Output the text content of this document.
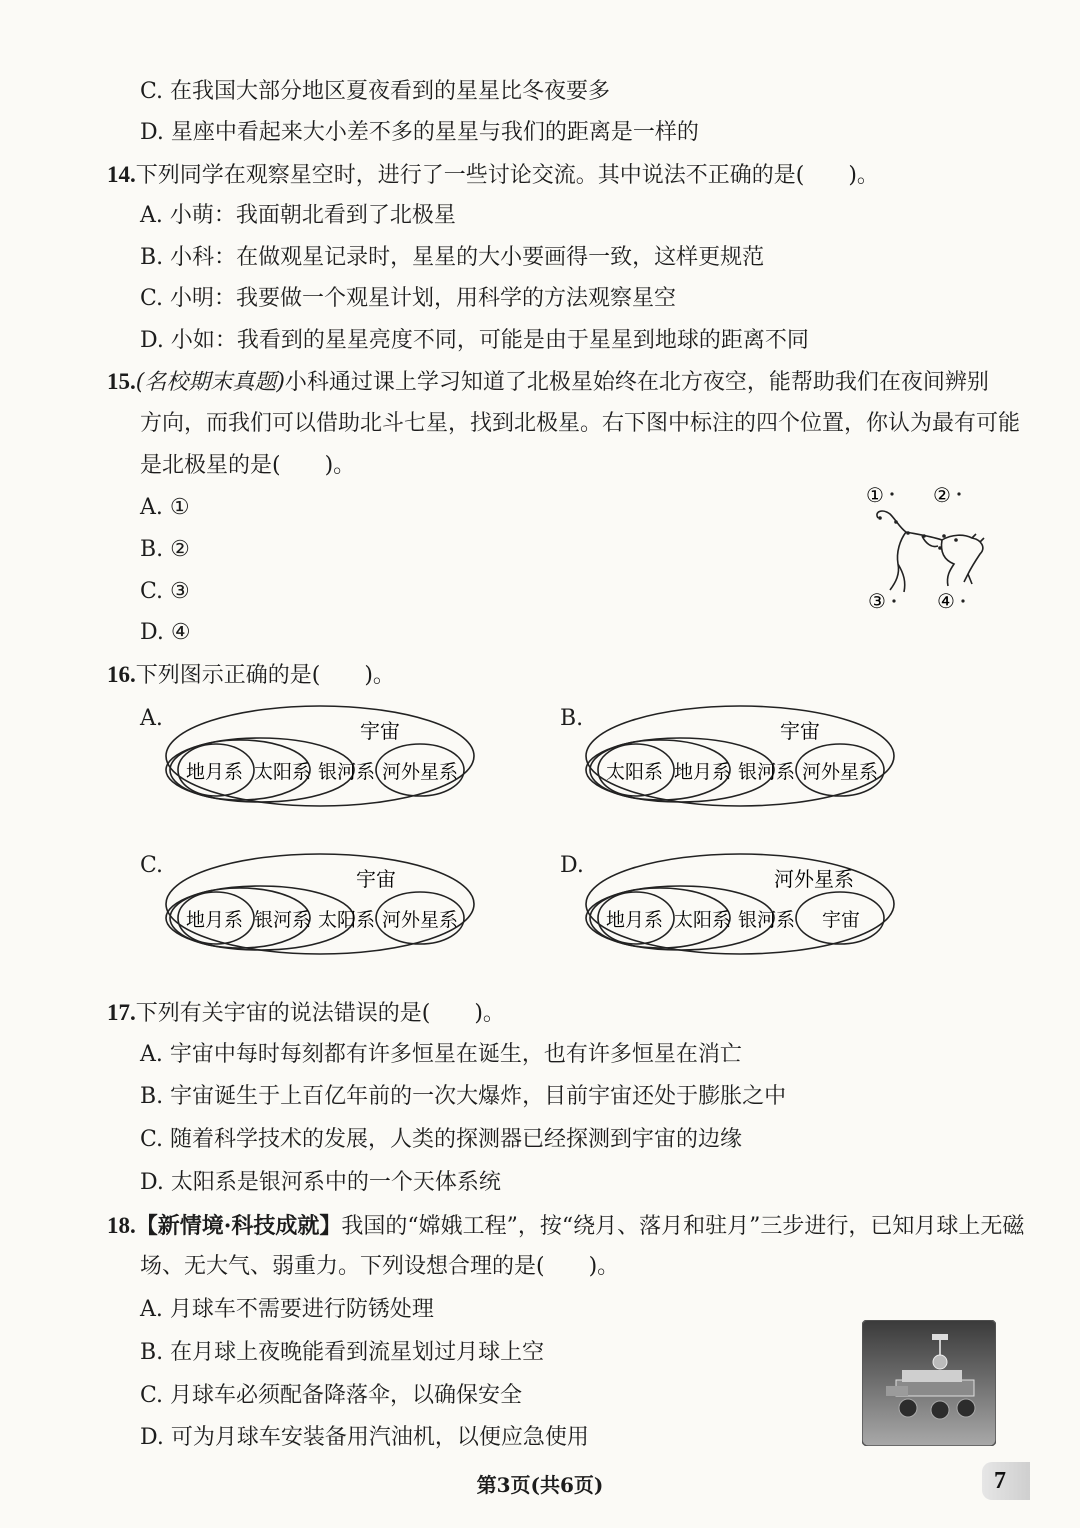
C. 在我国大部分地区夏夜看到的星星比冬夜要多
D. 星座中看起来大小差不多的星星与我们的距离是一样的
14.下列同学在观察星空时，进行了一些讨论交流。其中说法不正确的是(　　)。
A. 小萌：我面朝北看到了北极星
B. 小科：在做观星记录时，星星的大小要画得一致，这样更规范
C. 小明：我要做一个观星计划，用科学的方法观察星空
D. 小如：我看到的星星亮度不同，可能是由于星星到地球的距离不同
15.(名校期末真题)小科通过课上学习知道了北极星始终在北方夜空，能帮助我们在夜间辨别
方向，而我们可以借助北斗七星，找到北极星。右下图中标注的四个位置，你认为最有可能
是北极星的是(　　)。
A. ①
B. ②
C. ③
D. ④
① ②
③	④
16.下列图示正确的是(　　)。
A.	宇宙
地月系 太阳系 银河系 河外星系
B.	宇宙
太阳系 地月系 银河系 河外星系
C.
宇宙
地月系 银河系 太阳系 河外星系
D.
河外星系
地月系 太阳系 银河系 宇宙
17.下列有关宇宙的说法错误的是(　　)。
A. 宇宙中每时每刻都有许多恒星在诞生，也有许多恒星在消亡
B. 宇宙诞生于上百亿年前的一次大爆炸，目前宇宙还处于膨胀之中
C. 随着科学技术的发展，人类的探测器已经探测到宇宙的边缘
D. 太阳系是银河系中的一个天体系统
18.【新情境·科技成就】我国的“嫦娥工程”，按“绕月、落月和驻月”三步进行，已知月球上无磁
场、无大气、弱重力。下列设想合理的是(　　)。
A. 月球车不需要进行防锈处理
B. 在月球上夜晚能看到流星划过月球上空
C. 月球车必须配备降落伞，以确保安全
D. 可为月球车安装备用汽油机，以便应急使用
第3页(共6页)	7
